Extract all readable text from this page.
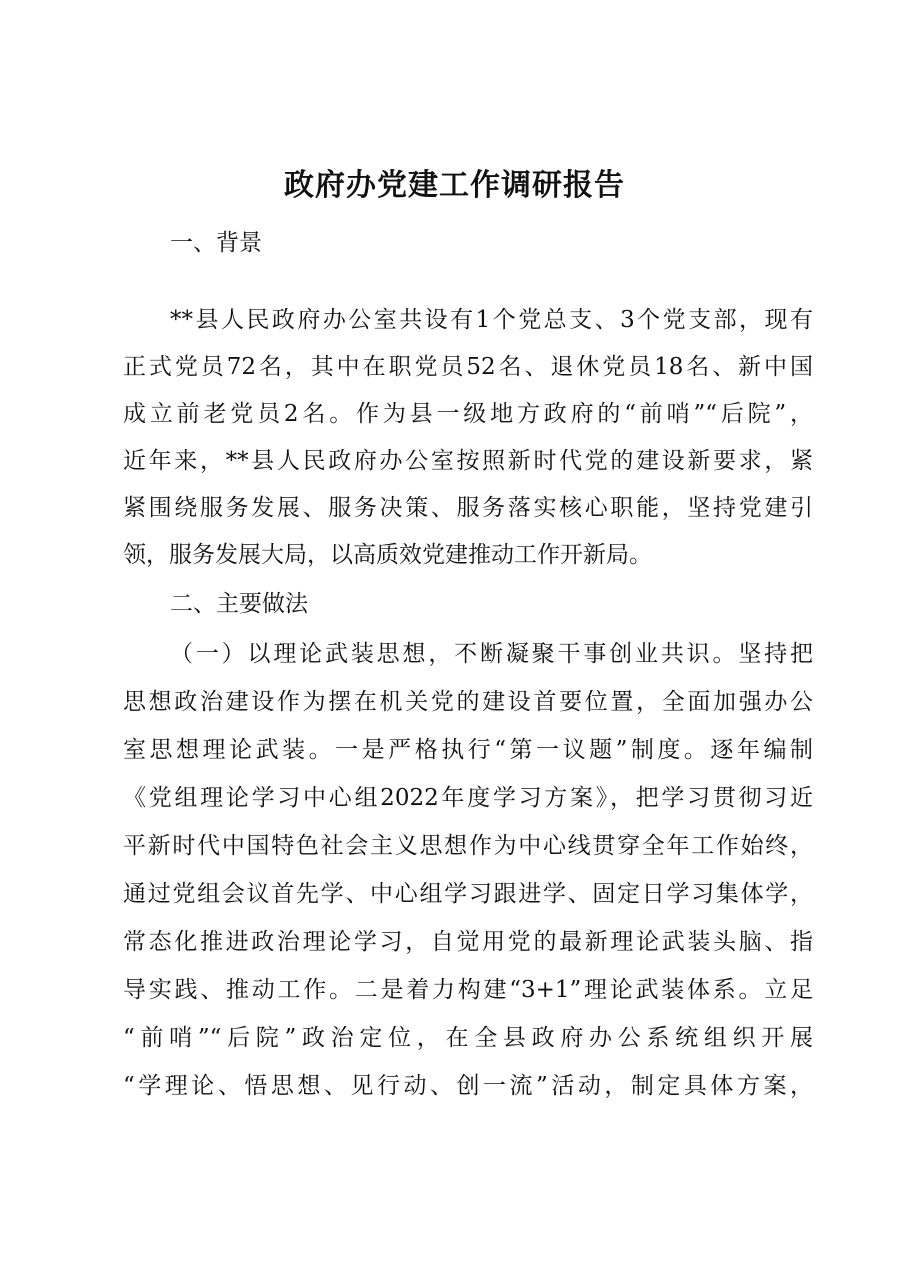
政府办党建工作调研报告
一、背景
**县人民政府办公室共设有1个党总支、3个党支部，现有
正式党员72名，其中在职党员52名、退休党员18名、新中国
成立前老党员2名。作为县一级地方政府的“前哨”“后院”，
近年来，**县人民政府办公室按照新时代党的建设新要求，紧
紧围绕服务发展、服务决策、服务落实核心职能，坚持党建引
领，服务发展大局，以高质效党建推动工作开新局。
二、主要做法
（一）以理论武装思想，不断凝聚干事创业共识。坚持把
思想政治建设作为摆在机关党的建设首要位置，全面加强办公
室思想理论武装。一是严格执行“第一议题”制度。逐年编制
《党组理论学习中心组2022年度学习方案》，把学习贯彻习近
平新时代中国特色社会主义思想作为中心线贯穿全年工作始终，
通过党组会议首先学、中心组学习跟进学、固定日学习集体学，
常态化推进政治理论学习，自觉用党的最新理论武装头脑、指
导实践、推动工作。二是着力构建“3+1”理论武装体系。立足
“前哨”“后院”政治定位，在全县政府办公系统组织开展
“学理论、悟思想、见行动、创一流”活动，制定具体方案，
